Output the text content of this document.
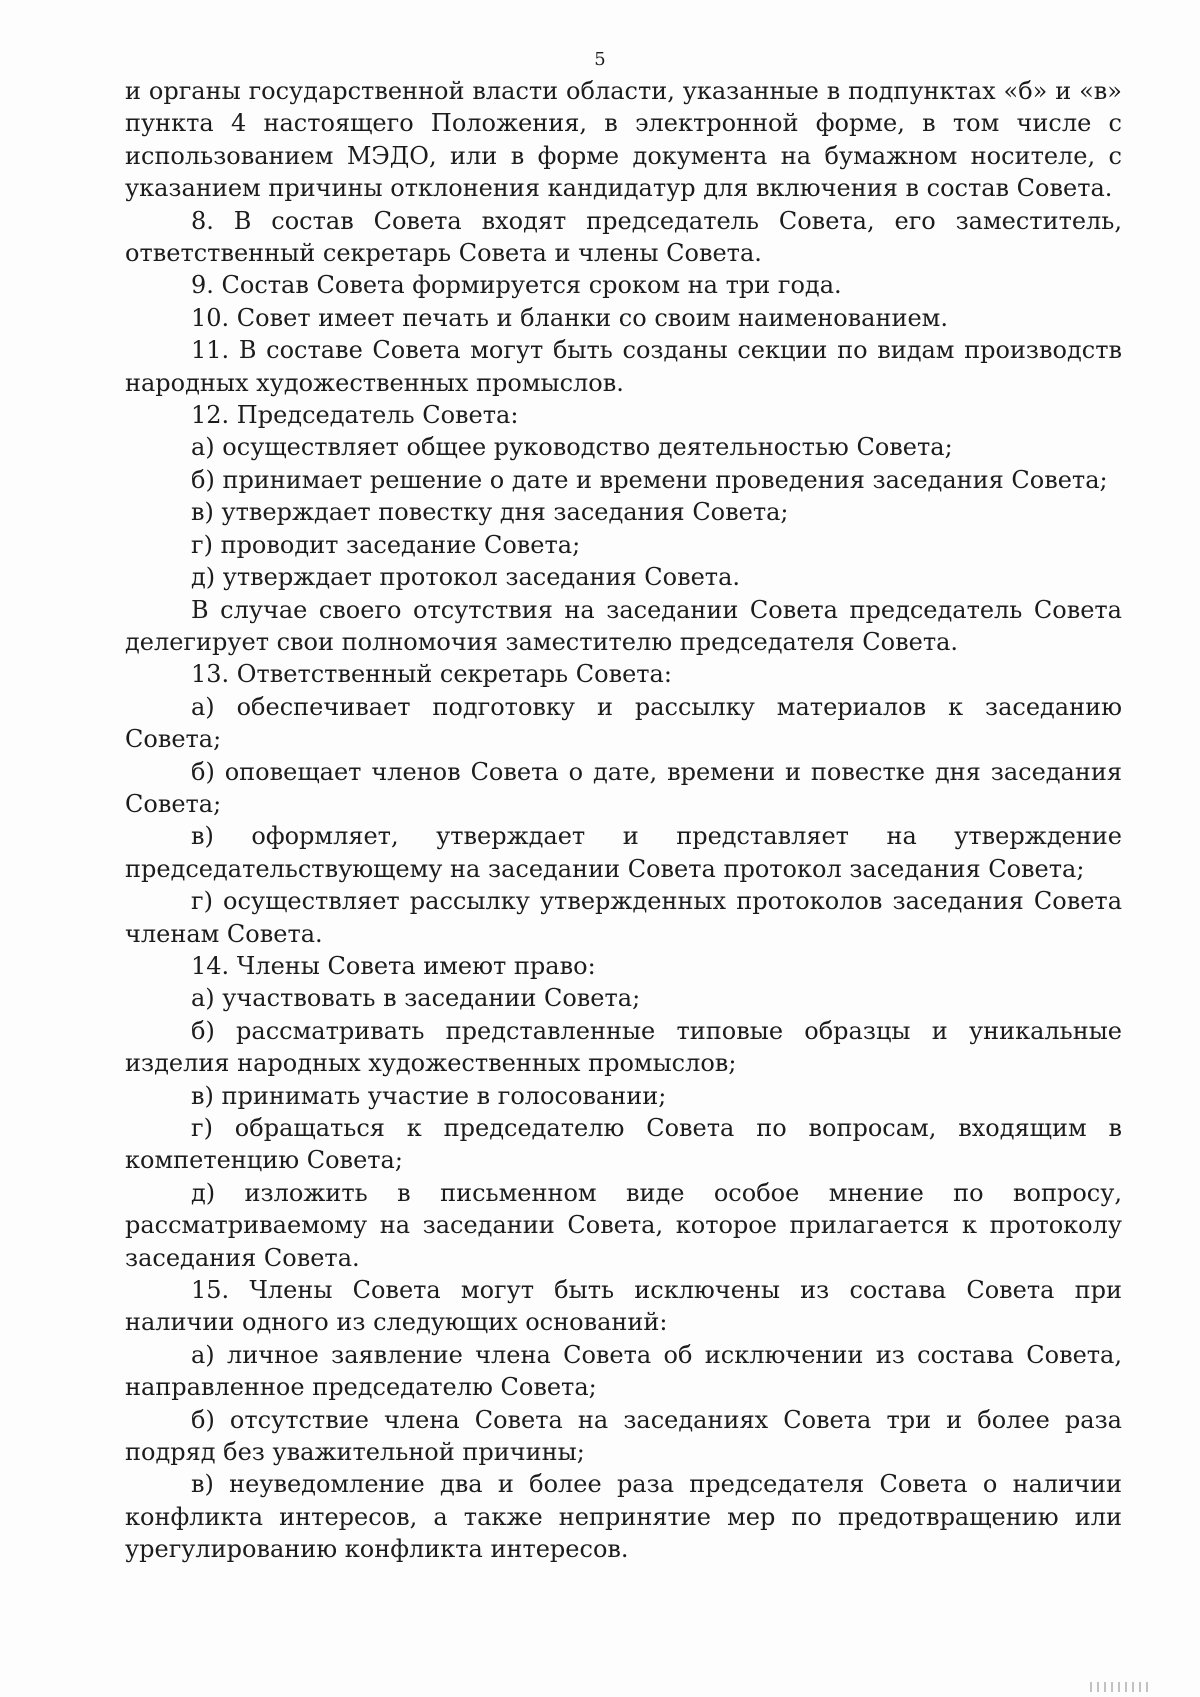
5

и органы государственной власти области, указанные в подпунктах «б» и «в» пункта 4 настоящего Положения, в электронной форме, в том числе с использованием МЭДО, или в форме документа на бумажном носителе, с указанием причины отклонения кандидатур для включения в состав Совета.

8. В состав Совета входят председатель Совета, его заместитель, ответственный секретарь Совета и члены Совета.

9. Состав Совета формируется сроком на три года.

10. Совет имеет печать и бланки со своим наименованием.

11. В составе Совета могут быть созданы секции по видам производств народных художественных промыслов.

12. Председатель Совета:

а) осуществляет общее руководство деятельностью Совета;

б) принимает решение о дате и времени проведения заседания Совета;

в) утверждает повестку дня заседания Совета;

г) проводит заседание Совета;

д) утверждает протокол заседания Совета.

В случае своего отсутствия на заседании Совета председатель Совета делегирует свои полномочия заместителю председателя Совета.

13. Ответственный секретарь Совета:

а) обеспечивает подготовку и рассылку материалов к заседанию Совета;

б) оповещает членов Совета о дате, времени и повестке дня заседания Совета;

в) оформляет, утверждает и представляет на утверждение председательствующему на заседании Совета протокол заседания Совета;

г) осуществляет рассылку утвержденных протоколов заседания Совета членам Совета.

14. Члены Совета имеют право:

а) участвовать в заседании Совета;

б) рассматривать представленные типовые образцы и уникальные изделия народных художественных промыслов;

в) принимать участие в голосовании;

г) обращаться к председателю Совета по вопросам, входящим в компетенцию Совета;

д) изложить в письменном виде особое мнение по вопросу, рассматриваемому на заседании Совета, которое прилагается к протоколу заседания Совета.

15. Члены Совета могут быть исключены из состава Совета при наличии одного из следующих оснований:

а) личное заявление члена Совета об исключении из состава Совета, направленное председателю Совета;

б) отсутствие члена Совета на заседаниях Совета три и более раза подряд без уважительной причины;

в) неуведомление два и более раза председателя Совета о наличии конфликта интересов, а также непринятие мер по предотвращению или урегулированию конфликта интересов.
